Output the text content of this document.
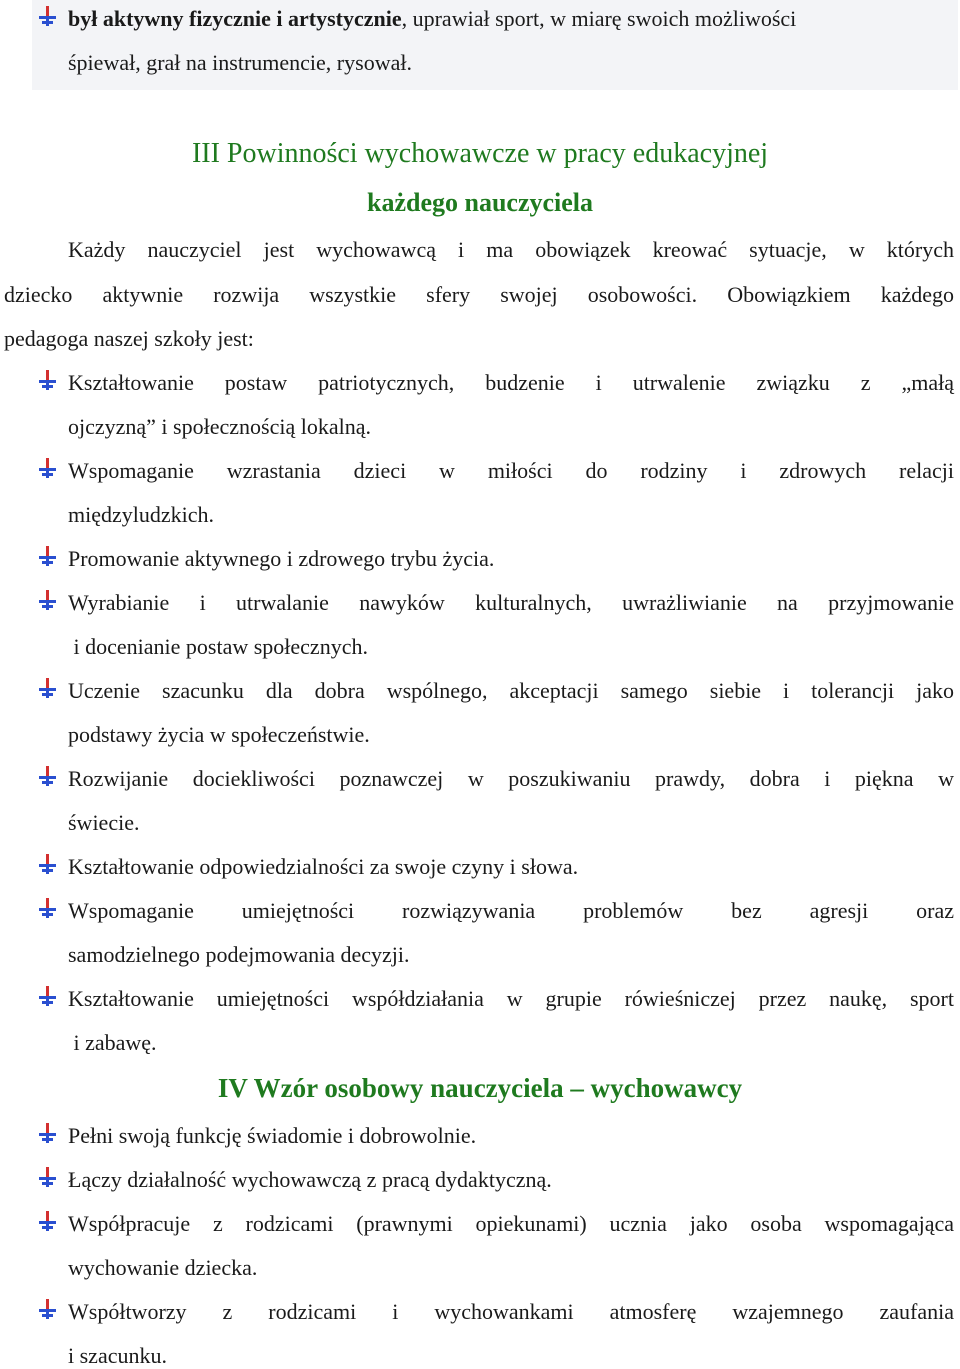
był aktywny fizycznie i artystycznie, uprawiał sport, w miarę swoich możliwości
śpiewał, grał na instrumencie, rysował.
III Powinności wychowawcze w pracy edukacyjnej
każdego nauczyciela
Każdy nauczyciel jest wychowawcą i ma obowiązek kreować sytuacje, w których
dziecko aktywnie rozwija wszystkie sfery swojej osobowości. Obowiązkiem każdego
pedagoga naszej szkoły jest:
Kształtowanie postaw patriotycznych, budzenie i utrwalenie związku z „małą
ojczyzną” i społecznością lokalną.
Wspomaganie wzrastania dzieci w miłości do rodziny i zdrowych relacji
międzyludzkich.
Promowanie aktywnego i zdrowego trybu życia.
Wyrabianie i utrwalanie nawyków kulturalnych, uwrażliwianie na przyjmowanie
i docenianie postaw społecznych.
Uczenie szacunku dla dobra wspólnego, akceptacji samego siebie i tolerancji jako
podstawy życia w społeczeństwie.
Rozwijanie dociekliwości poznawczej w poszukiwaniu prawdy, dobra i piękna w
świecie.
Kształtowanie odpowiedzialności za swoje czyny i słowa.
Wspomaganie umiejętności rozwiązywania problemów bez agresji oraz
samodzielnego podejmowania decyzji.
Kształtowanie umiejętności współdziałania w grupie rówieśniczej przez naukę, sport
i zabawę.
IV Wzór osobowy nauczyciela – wychowawcy
Pełni swoją funkcję świadomie i dobrowolnie.
Łączy działalność wychowawczą z pracą dydaktyczną.
Współpracuje z rodzicami (prawnymi opiekunami) ucznia jako osoba wspomagająca
wychowanie dziecka.
Współtworzy z rodzicami i wychowankami atmosferę wzajemnego zaufania
i szacunku.
